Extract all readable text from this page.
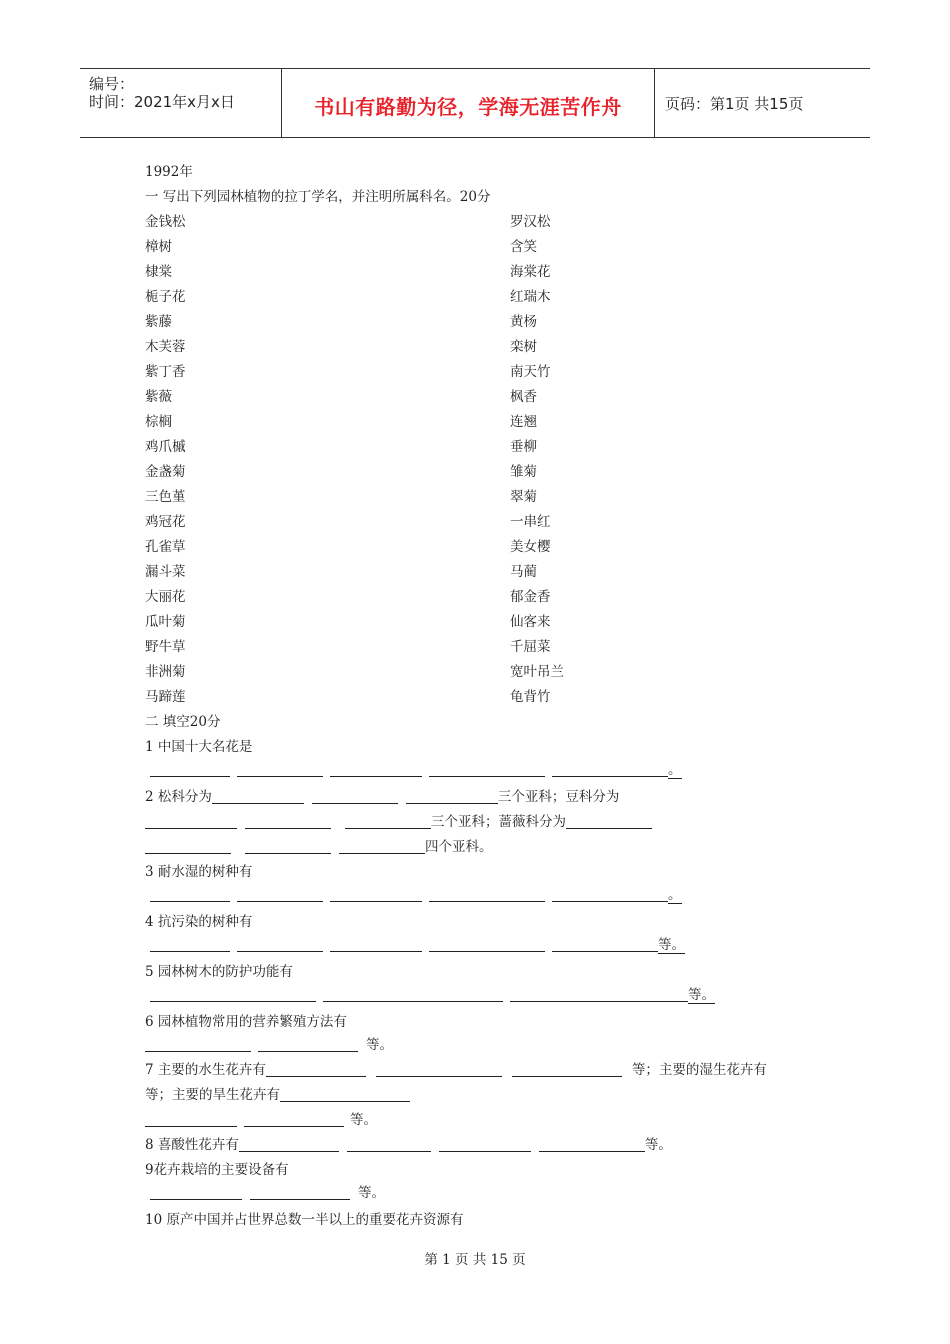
编号：
时间：2021年x月x日	书山有路勤为径，学海无涯苦作舟	页码：第1页 共15页
1992年
一 写出下列园林植物的拉丁学名，并注明所属科名。20分
金钱松	罗汉松
樟树	含笑
棣棠	海棠花
栀子花	红瑞木
紫藤	黄杨
木芙蓉	栾树
紫丁香	南天竹
紫薇	枫香
棕榈	连翘
鸡爪槭	垂柳
金盏菊	雏菊
三色堇	翠菊
鸡冠花	一串红
孔雀草	美女樱
漏斗菜	马蔺
大丽花	郁金香
瓜叶菊	仙客来
野牛草	千屈菜
非洲菊	宽叶吊兰
马蹄莲	龟背竹
二 填空20分
1 中国十大名花是
。
2 松科分为	三个亚科；豆科分为
三个亚科；蔷薇科分为
四个亚科。
3 耐水湿的树种有
。
4 抗污染的树种有
等。
5 园林树木的防护功能有
等。
6 园林植物常用的营养繁殖方法有
等。
7 主要的水生花卉有	等；主要的湿生花卉有
等；主要的旱生花卉有
等。
8 喜酸性花卉有	等。
9花卉栽培的主要设备有
等。
10 原产中国并占世界总数一半以上的重要花卉资源有
第 1 页 共 15 页
